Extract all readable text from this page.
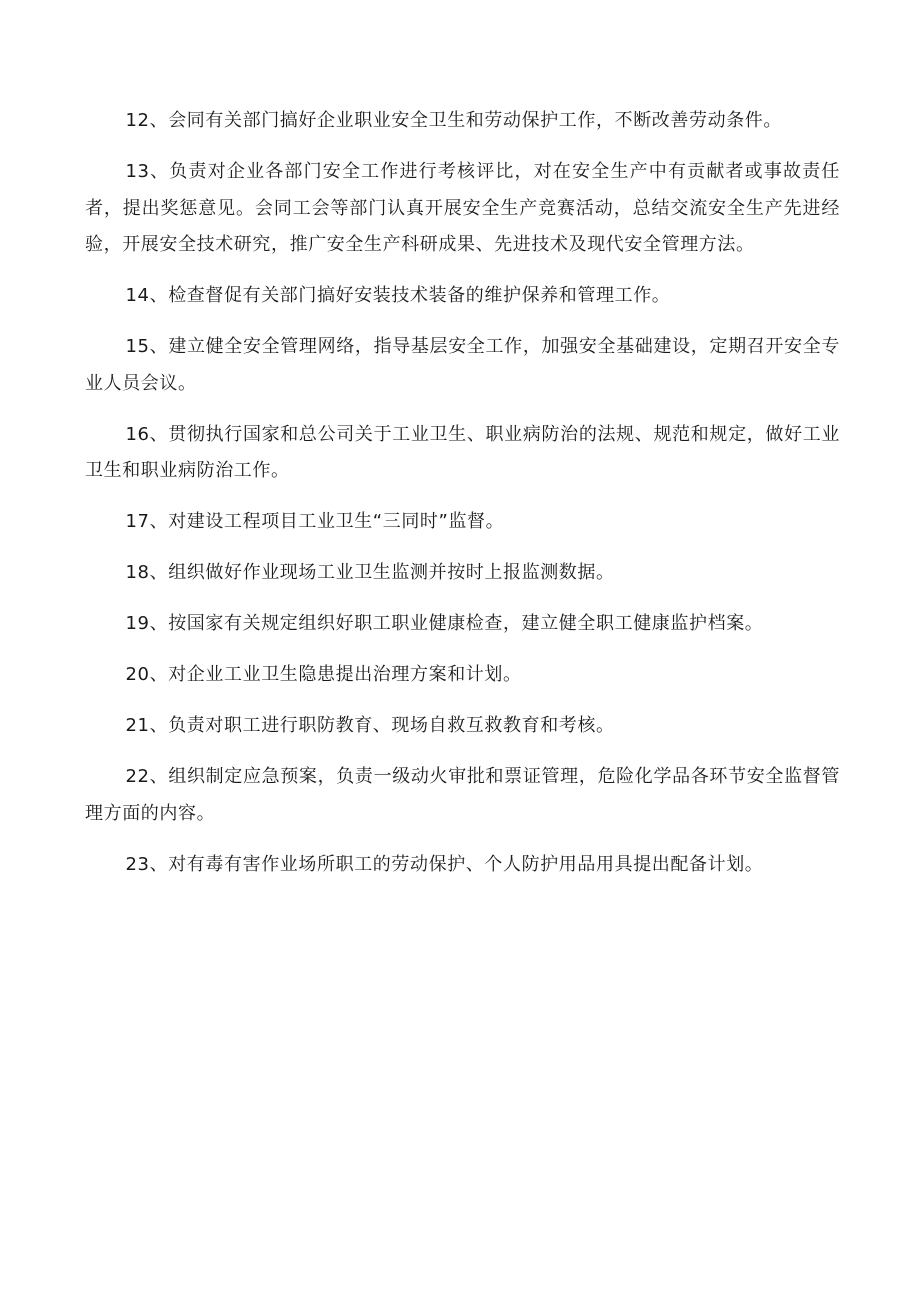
12、会同有关部门搞好企业职业安全卫生和劳动保护工作，不断改善劳动条件。

13、负责对企业各部门安全工作进行考核评比，对在安全生产中有贡献者或事故责任者，提出奖惩意见。会同工会等部门认真开展安全生产竞赛活动，总结交流安全生产先进经验，开展安全技术研究，推广安全生产科研成果、先进技术及现代安全管理方法。

14、检查督促有关部门搞好安装技术装备的维护保养和管理工作。

15、建立健全安全管理网络，指导基层安全工作，加强安全基础建设，定期召开安全专业人员会议。

16、贯彻执行国家和总公司关于工业卫生、职业病防治的法规、规范和规定，做好工业卫生和职业病防治工作。

17、对建设工程项目工业卫生“三同时”监督。

18、组织做好作业现场工业卫生监测并按时上报监测数据。

19、按国家有关规定组织好职工职业健康检查，建立健全职工健康监护档案。

20、对企业工业卫生隐患提出治理方案和计划。

21、负责对职工进行职防教育、现场自救互救教育和考核。

22、组织制定应急预案，负责一级动火审批和票证管理，危险化学品各环节安全监督管理方面的内容。

23、对有毒有害作业场所职工的劳动保护、个人防护用品用具提出配备计划。
